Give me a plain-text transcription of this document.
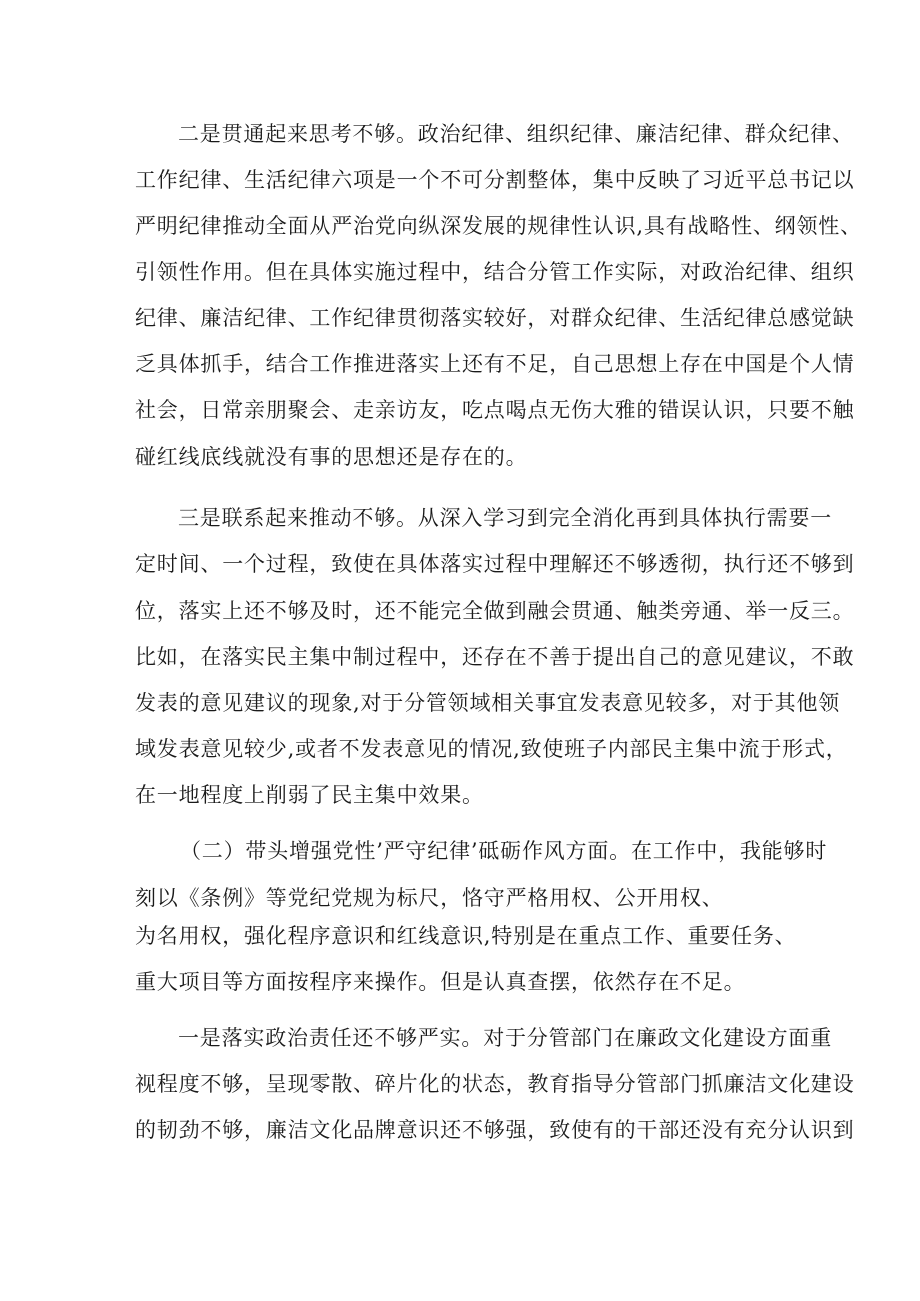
二是贯通起来思考不够。政治纪律、组织纪律、廉洁纪律、群众纪律、
工作纪律、生活纪律六项是一个不可分割整体，集中反映了习近平总书记以
严明纪律推动全面从严治党向纵深发展的规律性认识,具有战略性、纲领性、
引领性作用。但在具体实施过程中，结合分管工作实际，对政治纪律、组织
纪律、廉洁纪律、工作纪律贯彻落实较好，对群众纪律、生活纪律总感觉缺
乏具体抓手，结合工作推进落实上还有不足，自己思想上存在中国是个人情
社会，日常亲朋聚会、走亲访友，吃点喝点无伤大雅的错误认识，只要不触
碰红线底线就没有事的思想还是存在的。
三是联系起来推动不够。从深入学习到完全消化再到具体执行需要一
定时间、一个过程，致使在具体落实过程中理解还不够透彻，执行还不够到
位，落实上还不够及时，还不能完全做到融会贯通、触类旁通、举一反三。
比如，在落实民主集中制过程中，还存在不善于提出自己的意见建议，不敢
发表的意见建议的现象,对于分管领域相关事宜发表意见较多，对于其他领
域发表意见较少,或者不发表意见的情况,致使班子内部民主集中流于形式，
在一地程度上削弱了民主集中效果。
（二）带头增强党性’严守纪律’砥砺作风方面。在工作中，我能够时
刻以《条例》等党纪党规为标尺，恪守严格用权、公开用权、
为名用权，强化程序意识和红线意识,特别是在重点工作、重要任务、
重大项目等方面按程序来操作。但是认真查摆，依然存在不足。
一是落实政治责任还不够严实。对于分管部门在廉政文化建设方面重
视程度不够，呈现零散、碎片化的状态，教育指导分管部门抓廉洁文化建设
的韧劲不够，廉洁文化品牌意识还不够强，致使有的干部还没有充分认识到
